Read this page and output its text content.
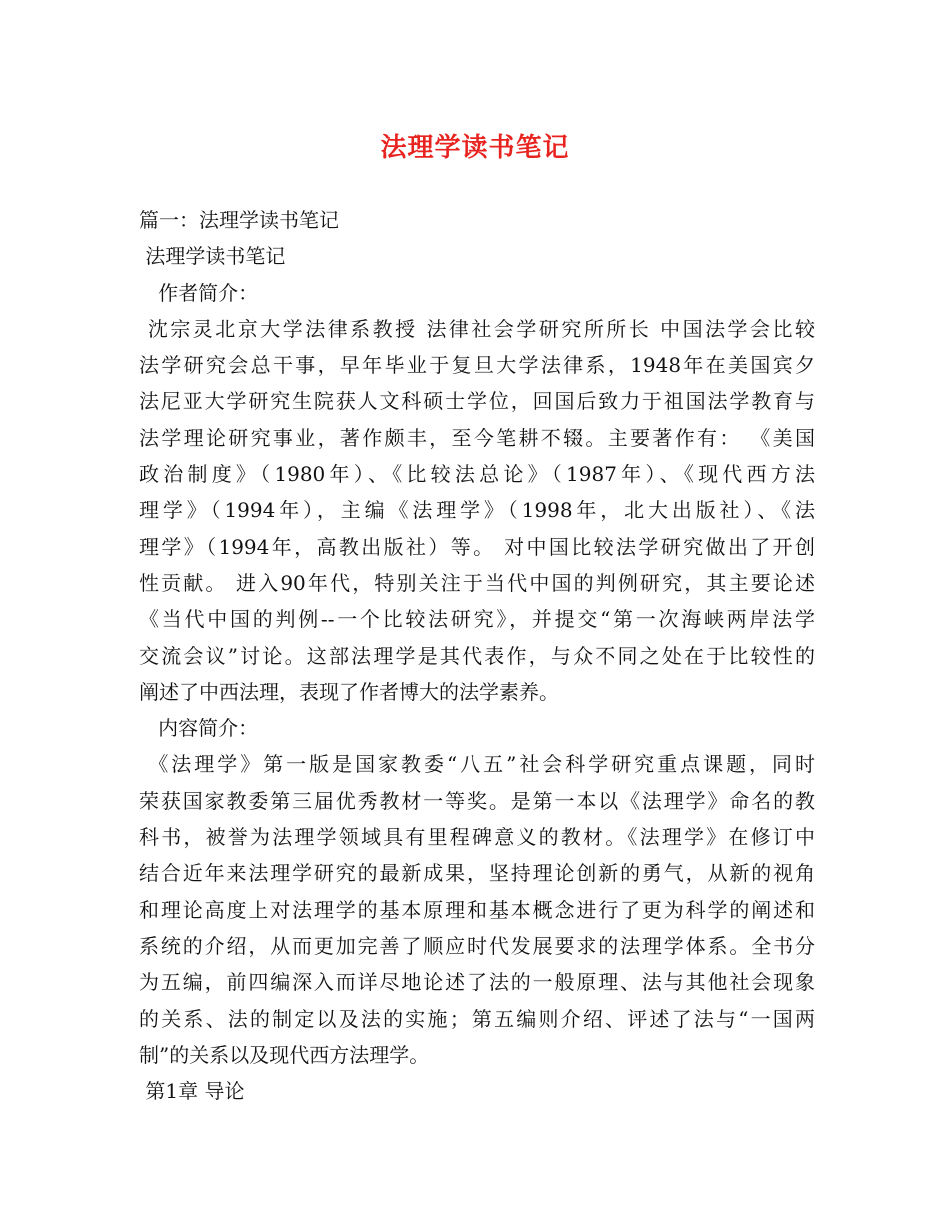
法理学读书笔记
篇一：法理学读书笔记
法理学读书笔记
作者简介：
沈宗灵北京大学法律系教授 法律社会学研究所所长 中国法学会比较
法学研究会总干事，早年毕业于复旦大学法律系，1948年在美国宾夕
法尼亚大学研究生院获人文科硕士学位，回国后致力于祖国法学教育与
法学理论研究事业，著作颇丰，至今笔耕不辍。主要著作有： 《美国
政治制度》（1980年）、《比较法总论》（1987年）、《现代西方法
理学》（1994年），主编《法理学》（1998年，北大出版社）、《法
理学》（1994年，高教出版社）等。 对中国比较法学研究做出了开创
性贡献。 进入90年代，特别关注于当代中国的判例研究，其主要论述
《当代中国的判例--一个比较法研究》，并提交“第一次海峡两岸法学
交流会议”讨论。这部法理学是其代表作，与众不同之处在于比较性的
阐述了中西法理，表现了作者博大的法学素养。
内容简介：
《法理学》第一版是国家教委“八五”社会科学研究重点课题，同时
荣获国家教委第三届优秀教材一等奖。是第一本以《法理学》命名的教
科书，被誉为法理学领域具有里程碑意义的教材。《法理学》在修订中
结合近年来法理学研究的最新成果，坚持理论创新的勇气，从新的视角
和理论高度上对法理学的基本原理和基本概念进行了更为科学的阐述和
系统的介绍，从而更加完善了顺应时代发展要求的法理学体系。全书分
为五编，前四编深入而详尽地论述了法的一般原理、法与其他社会现象
的关系、法的制定以及法的实施；第五编则介绍、评述了法与“一国两
制”的关系以及现代西方法理学。
第1章 导论
